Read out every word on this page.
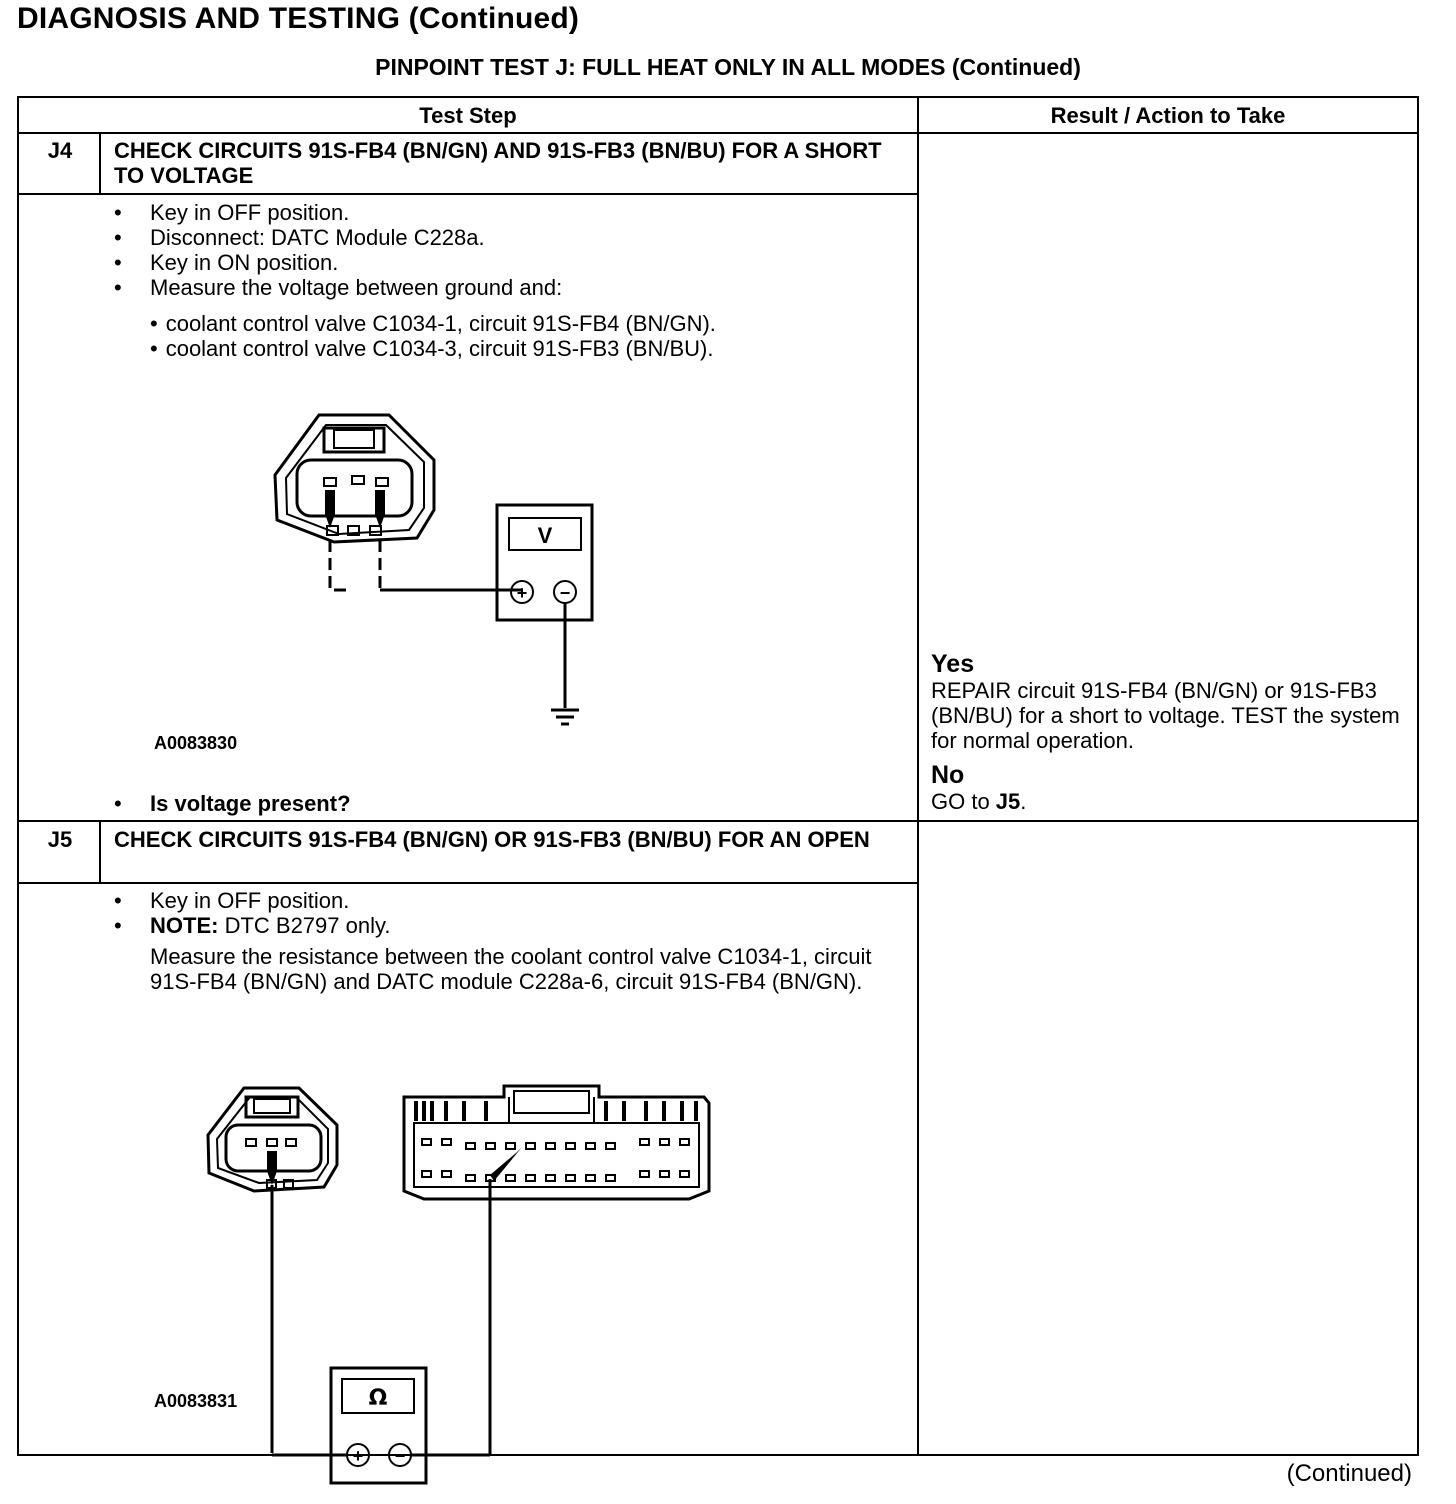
DIAGNOSIS AND TESTING (Continued)
PINPOINT TEST J: FULL HEAT ONLY IN ALL MODES (Continued)
Test Step	Result / Action to Take
J4	CHECK CIRCUITS 91S-FB4 (BN/GN) AND 91S-FB3 (BN/BU) FOR A SHORT TO VOLTAGE
• Key in OFF position.
• Disconnect: DATC Module C228a.
• Key in ON position.
• Measure the voltage between ground and:
• coolant control valve C1034-1, circuit 91S-FB4 (BN/GN).
• coolant control valve C1034-3, circuit 91S-FB3 (BN/BU).
V
+ −
A0083830
• Is voltage present?
Yes
REPAIR circuit 91S-FB4 (BN/GN) or 91S-FB3 (BN/BU) for a short to voltage. TEST the system for normal operation.
No
GO to J5.
J5	CHECK CIRCUITS 91S-FB4 (BN/GN) OR 91S-FB3 (BN/BU) FOR AN OPEN
• Key in OFF position.
• NOTE: DTC B2797 only.
Measure the resistance between the coolant control valve C1034-1, circuit 91S-FB4 (BN/GN) and DATC module C228a-6, circuit 91S-FB4 (BN/GN).
Ω
+ −
A0083831
(Continued)
